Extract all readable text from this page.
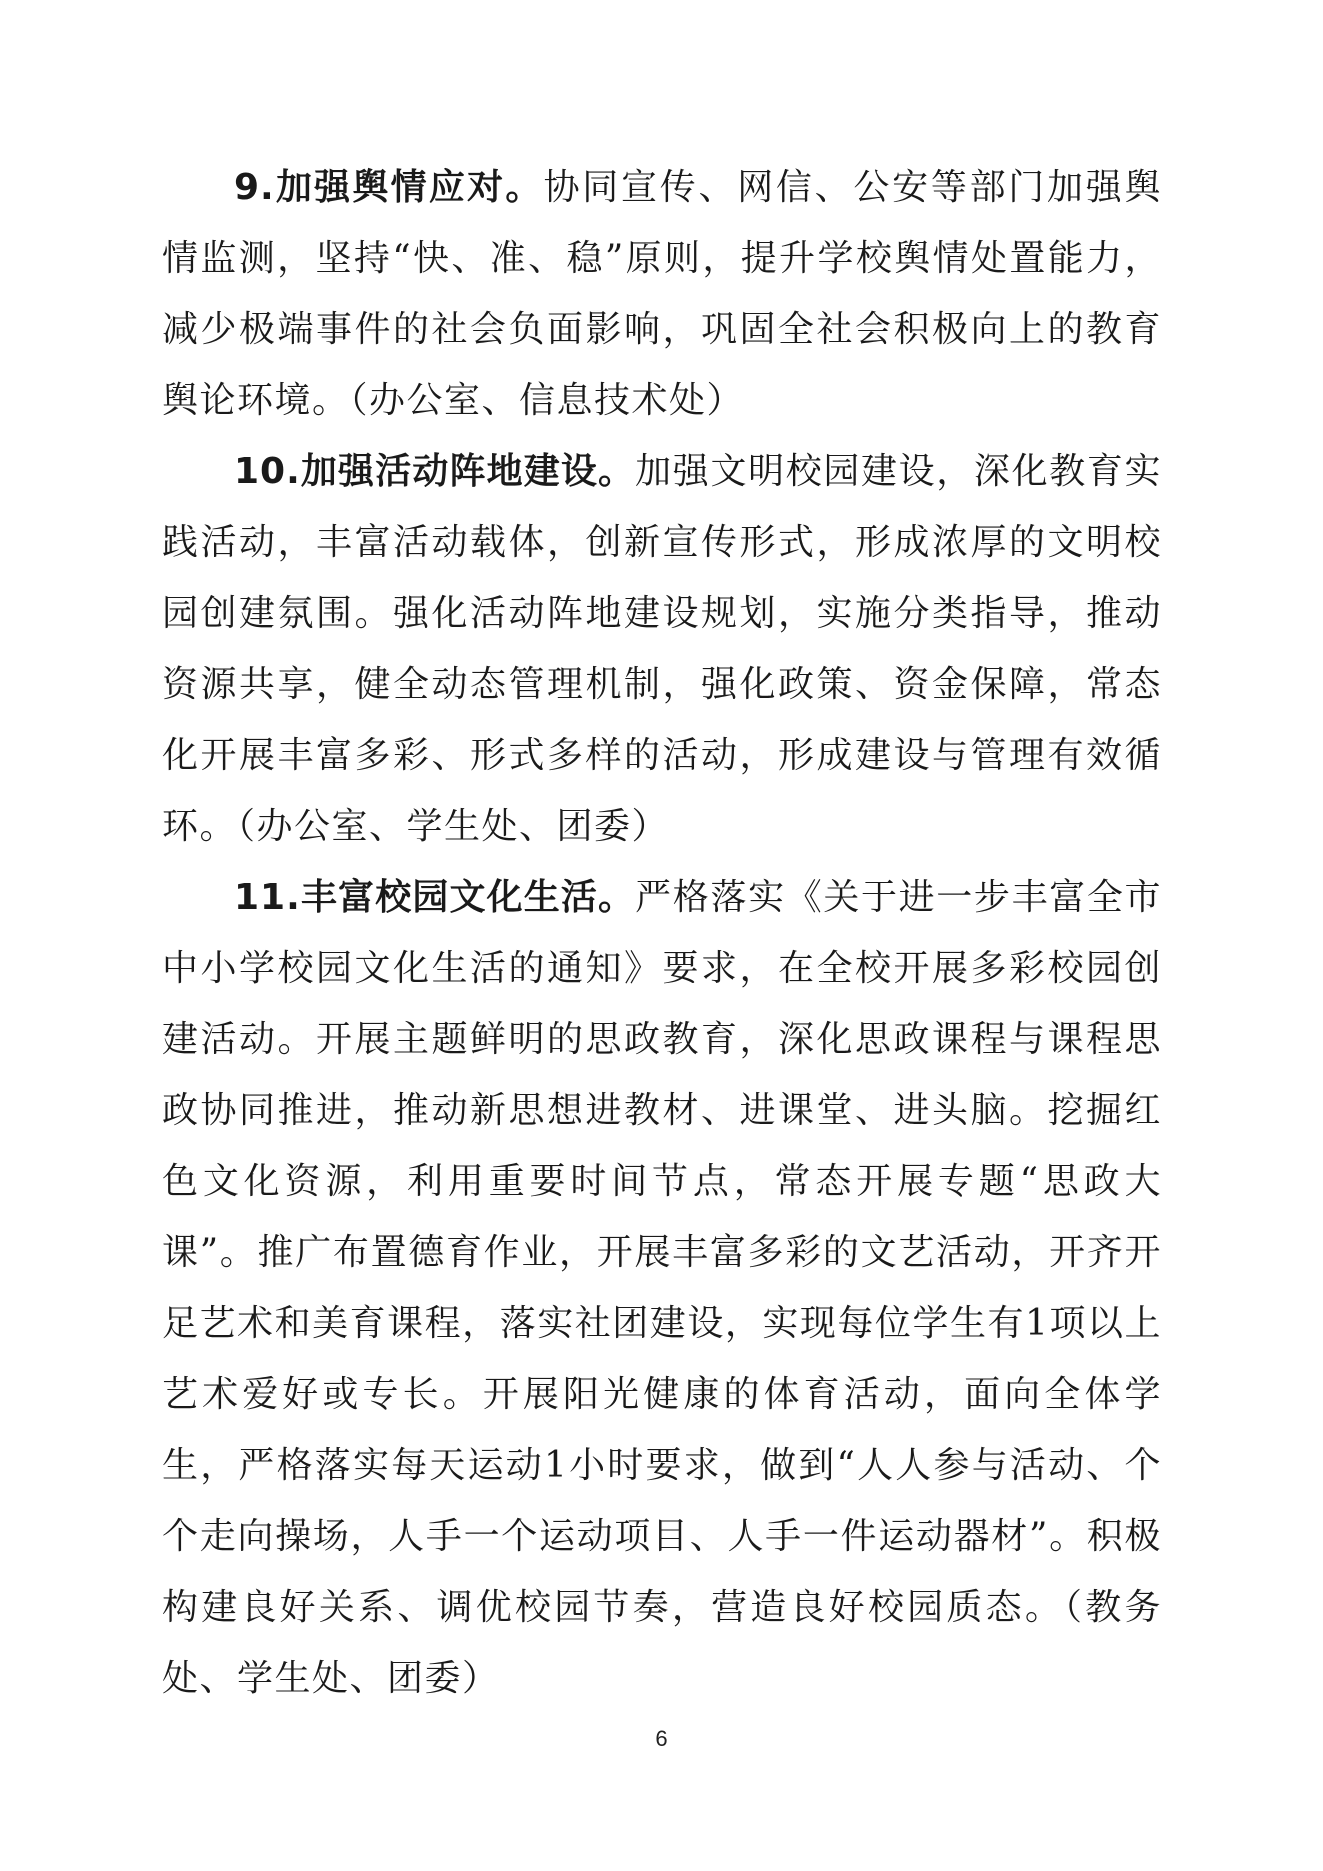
9.加强舆情应对。协同宣传、网信、公安等部门加强舆情监测，坚持“快、准、稳”原则，提升学校舆情处置能力，减少极端事件的社会负面影响，巩固全社会积极向上的教育舆论环境。（办公室、信息技术处）

10.加强活动阵地建设。加强文明校园建设，深化教育实践活动，丰富活动载体，创新宣传形式，形成浓厚的文明校园创建氛围。强化活动阵地建设规划，实施分类指导，推动资源共享，健全动态管理机制，强化政策、资金保障，常态化开展丰富多彩、形式多样的活动，形成建设与管理有效循环。（办公室、学生处、团委）

11.丰富校园文化生活。严格落实《关于进一步丰富全市中小学校园文化生活的通知》要求，在全校开展多彩校园创建活动。开展主题鲜明的思政教育，深化思政课程与课程思政协同推进，推动新思想进教材、进课堂、进头脑。挖掘红色文化资源，利用重要时间节点，常态开展专题“思政大课”。推广布置德育作业，开展丰富多彩的文艺活动，开齐开足艺术和美育课程，落实社团建设，实现每位学生有1项以上艺术爱好或专长。开展阳光健康的体育活动，面向全体学生，严格落实每天运动1小时要求，做到“人人参与活动、个个走向操场，人手一个运动项目、人手一件运动器材”。积极构建良好关系、调优校园节奏，营造良好校园质态。（教务处、学生处、团委）

6
